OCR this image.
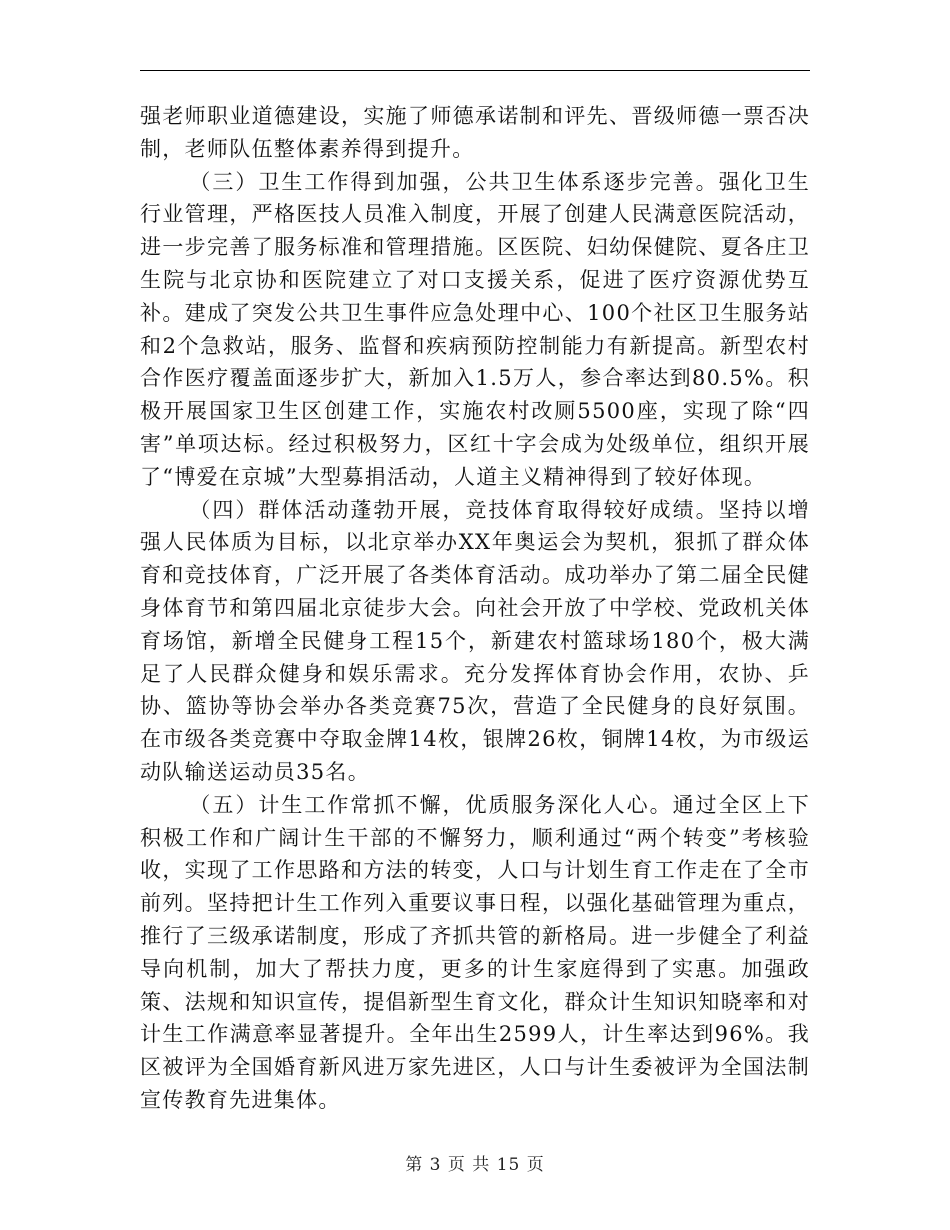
强老师职业道德建设，实施了师德承诺制和评先、晋级师德一票否决制，老师队伍整体素养得到提升。

（三）卫生工作得到加强，公共卫生体系逐步完善。强化卫生行业管理，严格医技人员准入制度，开展了创建人民满意医院活动，进一步完善了服务标准和管理措施。区医院、妇幼保健院、夏各庄卫生院与北京协和医院建立了对口支援关系，促进了医疗资源优势互补。建成了突发公共卫生事件应急处理中心、100个社区卫生服务站和2个急救站，服务、监督和疾病预防控制能力有新提高。新型农村合作医疗覆盖面逐步扩大，新加入1.5万人，参合率达到80.5%。积极开展国家卫生区创建工作，实施农村改厕5500座，实现了除“四害”单项达标。经过积极努力，区红十字会成为处级单位，组织开展了“博爱在京城”大型募捐活动，人道主义精神得到了较好体现。

（四）群体活动蓬勃开展，竞技体育取得较好成绩。坚持以增强人民体质为目标，以北京举办XX年奥运会为契机，狠抓了群众体育和竞技体育，广泛开展了各类体育活动。成功举办了第二届全民健身体育节和第四届北京徒步大会。向社会开放了中学校、党政机关体育场馆，新增全民健身工程15个，新建农村篮球场180个，极大满足了人民群众健身和娱乐需求。充分发挥体育协会作用，农协、乒协、篮协等协会举办各类竞赛75次，营造了全民健身的良好氛围。在市级各类竞赛中夺取金牌14枚，银牌26枚，铜牌14枚，为市级运动队输送运动员35名。

（五）计生工作常抓不懈，优质服务深化人心。通过全区上下积极工作和广阔计生干部的不懈努力，顺利通过“两个转变”考核验收，实现了工作思路和方法的转变，人口与计划生育工作走在了全市前列。坚持把计生工作列入重要议事日程，以强化基础管理为重点，推行了三级承诺制度，形成了齐抓共管的新格局。进一步健全了利益导向机制，加大了帮扶力度，更多的计生家庭得到了实惠。加强政策、法规和知识宣传，提倡新型生育文化，群众计生知识知晓率和对计生工作满意率显著提升。全年出生2599人，计生率达到96%。我区被评为全国婚育新风进万家先进区，人口与计生委被评为全国法制宣传教育先进集体。

第 3 页 共 15 页
